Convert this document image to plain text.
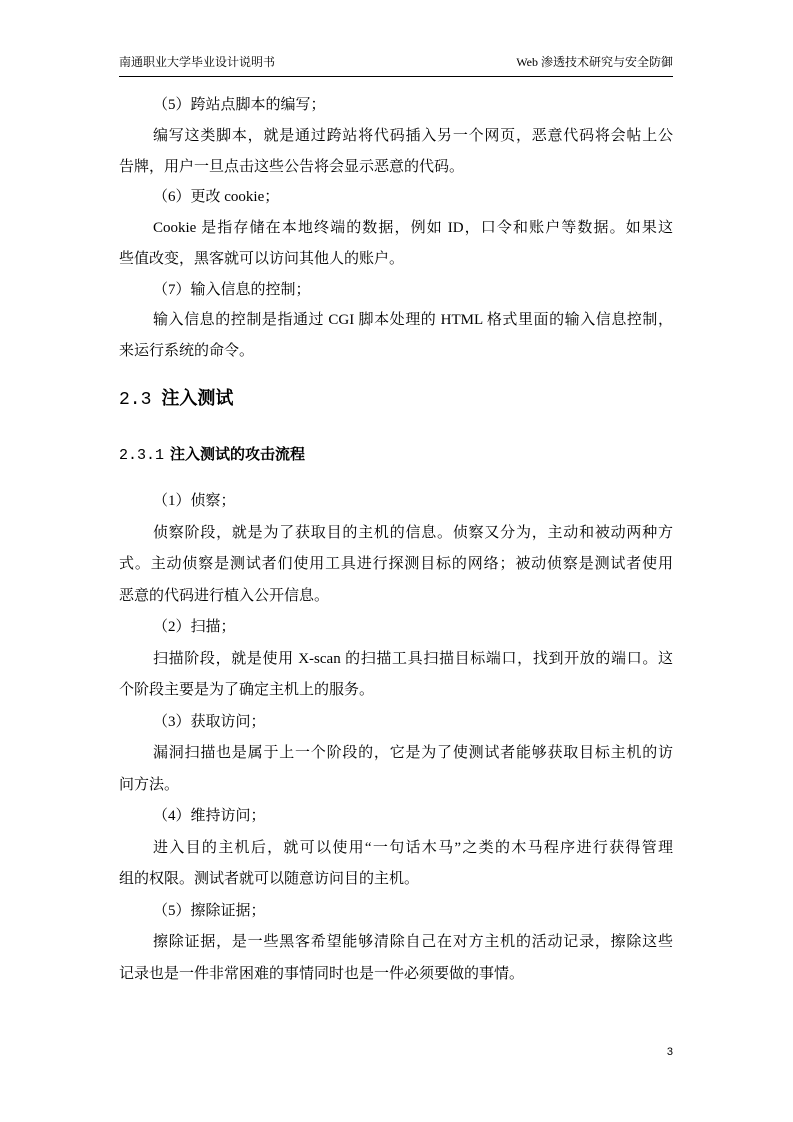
南通职业大学毕业设计说明书	Web 渗透技术研究与安全防御
（5）跨站点脚本的编写；
编写这类脚本，就是通过跨站将代码插入另一个网页，恶意代码将会帖上公
告牌，用户一旦点击这些公告将会显示恶意的代码。
（6）更改 cookie；
Cookie 是指存储在本地终端的数据，例如 ID，口令和账户等数据。如果这
些值改变，黑客就可以访问其他人的账户。
（7）输入信息的控制；
输入信息的控制是指通过 CGI 脚本处理的 HTML 格式里面的输入信息控制，
来运行系统的命令。
2.3 注入测试
2.3.1 注入测试的攻击流程
（1）侦察；
侦察阶段，就是为了获取目的主机的信息。侦察又分为，主动和被动两种方
式。主动侦察是测试者们使用工具进行探测目标的网络；被动侦察是测试者使用
恶意的代码进行植入公开信息。
（2）扫描；
扫描阶段，就是使用 X-scan 的扫描工具扫描目标端口，找到开放的端口。这
个阶段主要是为了确定主机上的服务。
（3）获取访问；
漏洞扫描也是属于上一个阶段的，它是为了使测试者能够获取目标主机的访
问方法。
（4）维持访问；
进入目的主机后，就可以使用“一句话木马”之类的木马程序进行获得管理
组的权限。测试者就可以随意访问目的主机。
（5）擦除证据；
擦除证据，是一些黑客希望能够清除自己在对方主机的活动记录，擦除这些
记录也是一件非常困难的事情同时也是一件必须要做的事情。
3
